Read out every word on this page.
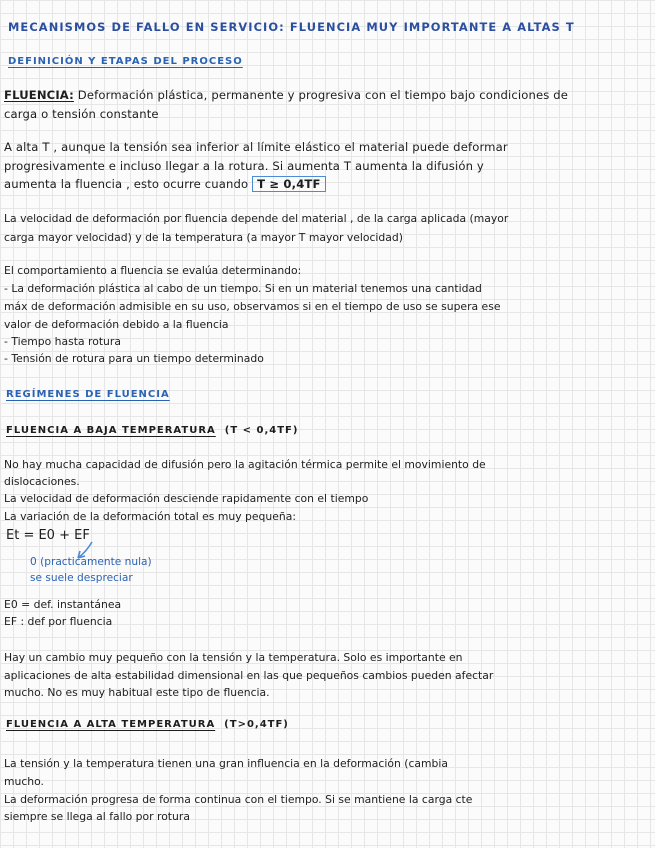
MECANISMOS DE FALLO EN SERVICIO: FLUENCIA MUY IMPORTANTE A ALTAS T
DEFINICIÓN Y ETAPAS DEL PROCESO
FLUENCIA: Deformación plástica, permanente y progresiva con el tiempo bajo condiciones de
carga o tensión constante
A alta T , aunque la tensión sea inferior al límite elástico el material puede deformar
progresivamente e incluso llegar a la rotura. Si aumenta T aumenta la difusión y
aumenta la fluencia , esto ocurre cuando T ≥ 0,4TF
La velocidad de deformación por fluencia depende del material , de la carga aplicada (mayor
carga mayor velocidad) y de la temperatura (a mayor T mayor velocidad)
El comportamiento a fluencia se evalúa determinando:
- La deformación plástica al cabo de un tiempo. Si en un material tenemos una cantidad
máx de deformación admisible en su uso, observamos si en el tiempo de uso se supera ese
valor de deformación debido a la fluencia
- Tiempo hasta rotura
- Tensión de rotura para un tiempo determinado
REGÍMENES DE FLUENCIA
FLUENCIA A BAJA TEMPERATURA (T < 0,4TF)
No hay mucha capacidad de difusión pero la agitación térmica permite el movimiento de
dislocaciones.
La velocidad de deformación desciende rapidamente con el tiempo
La variación de la deformación total es muy pequeña:
Et = E0 + EF
0 (practicamente nula)
se suele despreciar
E0 = def. instantánea
EF : def por fluencia
Hay un cambio muy pequeño con la tensión y la temperatura. Solo es importante en
aplicaciones de alta estabilidad dimensional en las que pequeños cambios pueden afectar
mucho. No es muy habitual este tipo de fluencia.
FLUENCIA A ALTA TEMPERATURA (T>0,4TF)
La tensión y la temperatura tienen una gran influencia en la deformación (cambia
mucho.
La deformación progresa de forma continua con el tiempo. Si se mantiene la carga cte
siempre se llega al fallo por rotura
